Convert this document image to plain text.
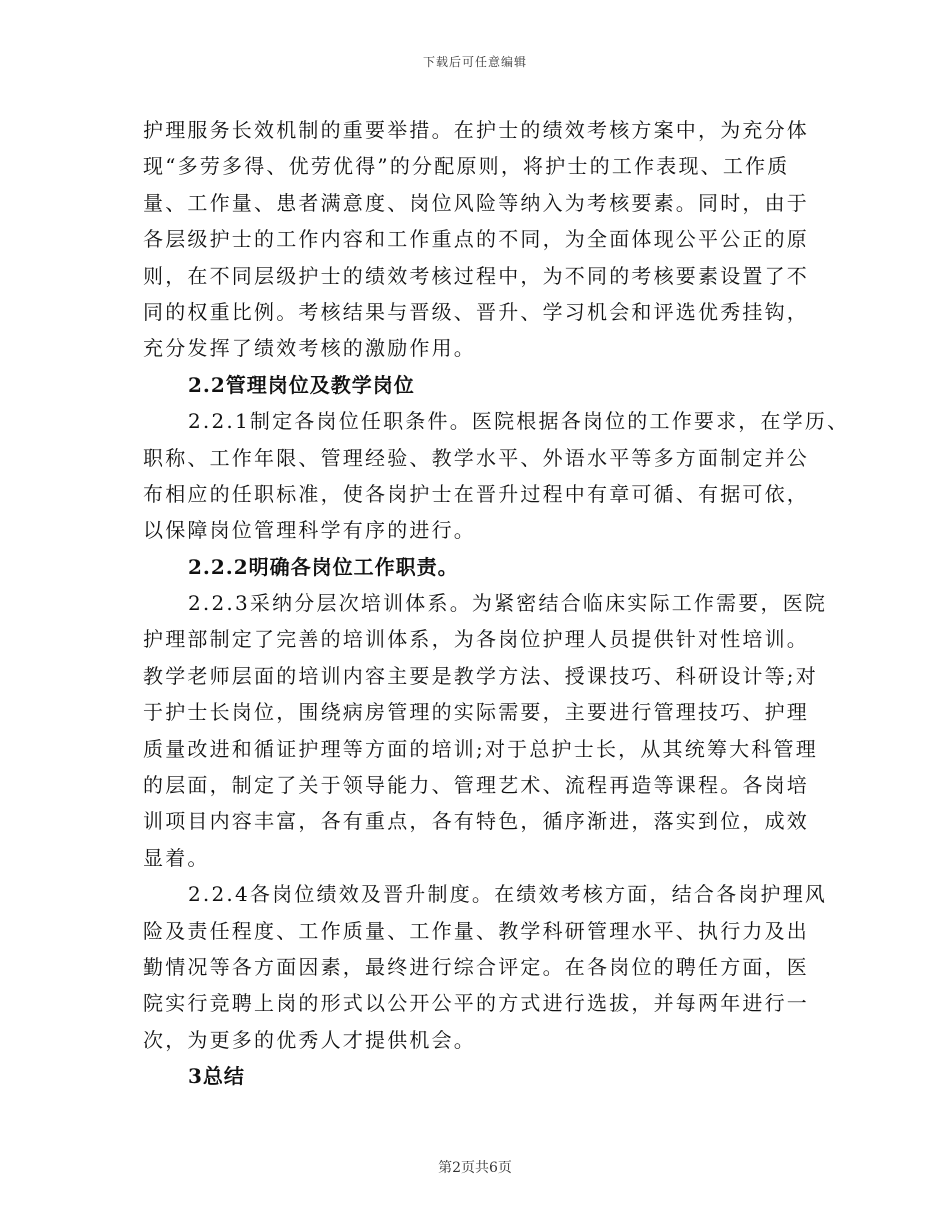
下载后可任意编辑
护理服务长效机制的重要举措。在护士的绩效考核方案中，为充分体
现“多劳多得、优劳优得”的分配原则，将护士的工作表现、工作质
量、工作量、患者满意度、岗位风险等纳入为考核要素。同时，由于
各层级护士的工作内容和工作重点的不同，为全面体现公平公正的原
则，在不同层级护士的绩效考核过程中，为不同的考核要素设置了不
同的权重比例。考核结果与晋级、晋升、学习机会和评选优秀挂钩，
充分发挥了绩效考核的激励作用。
2.2管理岗位及教学岗位
2.2.1制定各岗位任职条件。医院根据各岗位的工作要求，在学历、
职称、工作年限、管理经验、教学水平、外语水平等多方面制定并公
布相应的任职标准，使各岗护士在晋升过程中有章可循、有据可依，
以保障岗位管理科学有序的进行。
2.2.2明确各岗位工作职责。
2.2.3采纳分层次培训体系。为紧密结合临床实际工作需要，医院
护理部制定了完善的培训体系，为各岗位护理人员提供针对性培训。
教学老师层面的培训内容主要是教学方法、授课技巧、科研设计等;对
于护士长岗位，围绕病房管理的实际需要，主要进行管理技巧、护理
质量改进和循证护理等方面的培训;对于总护士长，从其统筹大科管理
的层面，制定了关于领导能力、管理艺术、流程再造等课程。各岗培
训项目内容丰富，各有重点，各有特色，循序渐进，落实到位，成效
显着。
2.2.4各岗位绩效及晋升制度。在绩效考核方面，结合各岗护理风
险及责任程度、工作质量、工作量、教学科研管理水平、执行力及出
勤情况等各方面因素，最终进行综合评定。在各岗位的聘任方面，医
院实行竞聘上岗的形式以公开公平的方式进行选拔，并每两年进行一
次，为更多的优秀人才提供机会。
3总结
第2页共6页
